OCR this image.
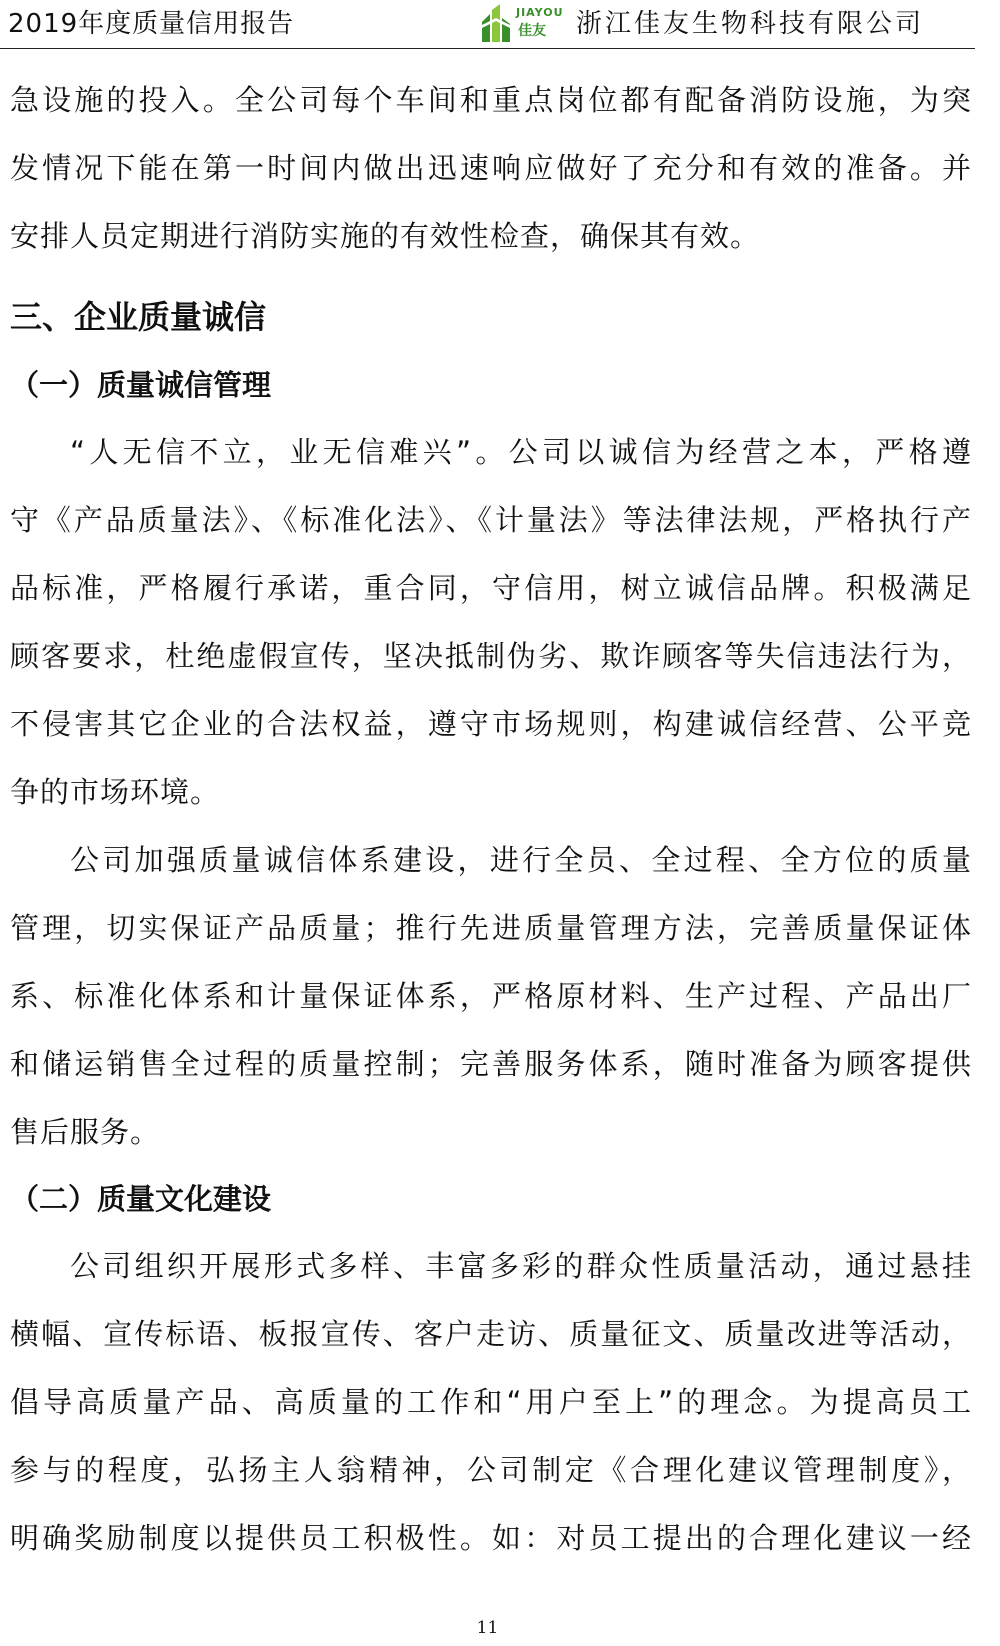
2019年度质量信用报告	JIAYOU
佳友 浙江佳友生物科技有限公司
急设施的投入。全公司每个车间和重点岗位都有配备消防设施，为突
发情况下能在第一时间内做出迅速响应做好了充分和有效的准备。并
安排人员定期进行消防实施的有效性检查，确保其有效。
三、企业质量诚信
（一）质量诚信管理
“人无信不立，业无信难兴”。公司以诚信为经营之本，严格遵
守《产品质量法》、《标准化法》、《计量法》等法律法规，严格执行产
品标准，严格履行承诺，重合同，守信用，树立诚信品牌。积极满足
顾客要求，杜绝虚假宣传，坚决抵制伪劣、欺诈顾客等失信违法行为，
不侵害其它企业的合法权益，遵守市场规则，构建诚信经营、公平竞
争的市场环境。
公司加强质量诚信体系建设，进行全员、全过程、全方位的质量
管理，切实保证产品质量；推行先进质量管理方法，完善质量保证体
系、标准化体系和计量保证体系，严格原材料、生产过程、产品出厂
和储运销售全过程的质量控制；完善服务体系，随时准备为顾客提供
售后服务。
（二）质量文化建设
公司组织开展形式多样、丰富多彩的群众性质量活动，通过悬挂
横幅、宣传标语、板报宣传、客户走访、质量征文、质量改进等活动，
倡导高质量产品、高质量的工作和“用户至上”的理念。为提高员工
参与的程度，弘扬主人翁精神，公司制定《合理化建议管理制度》，
明确奖励制度以提供员工积极性。如：对员工提出的合理化建议一经
11
